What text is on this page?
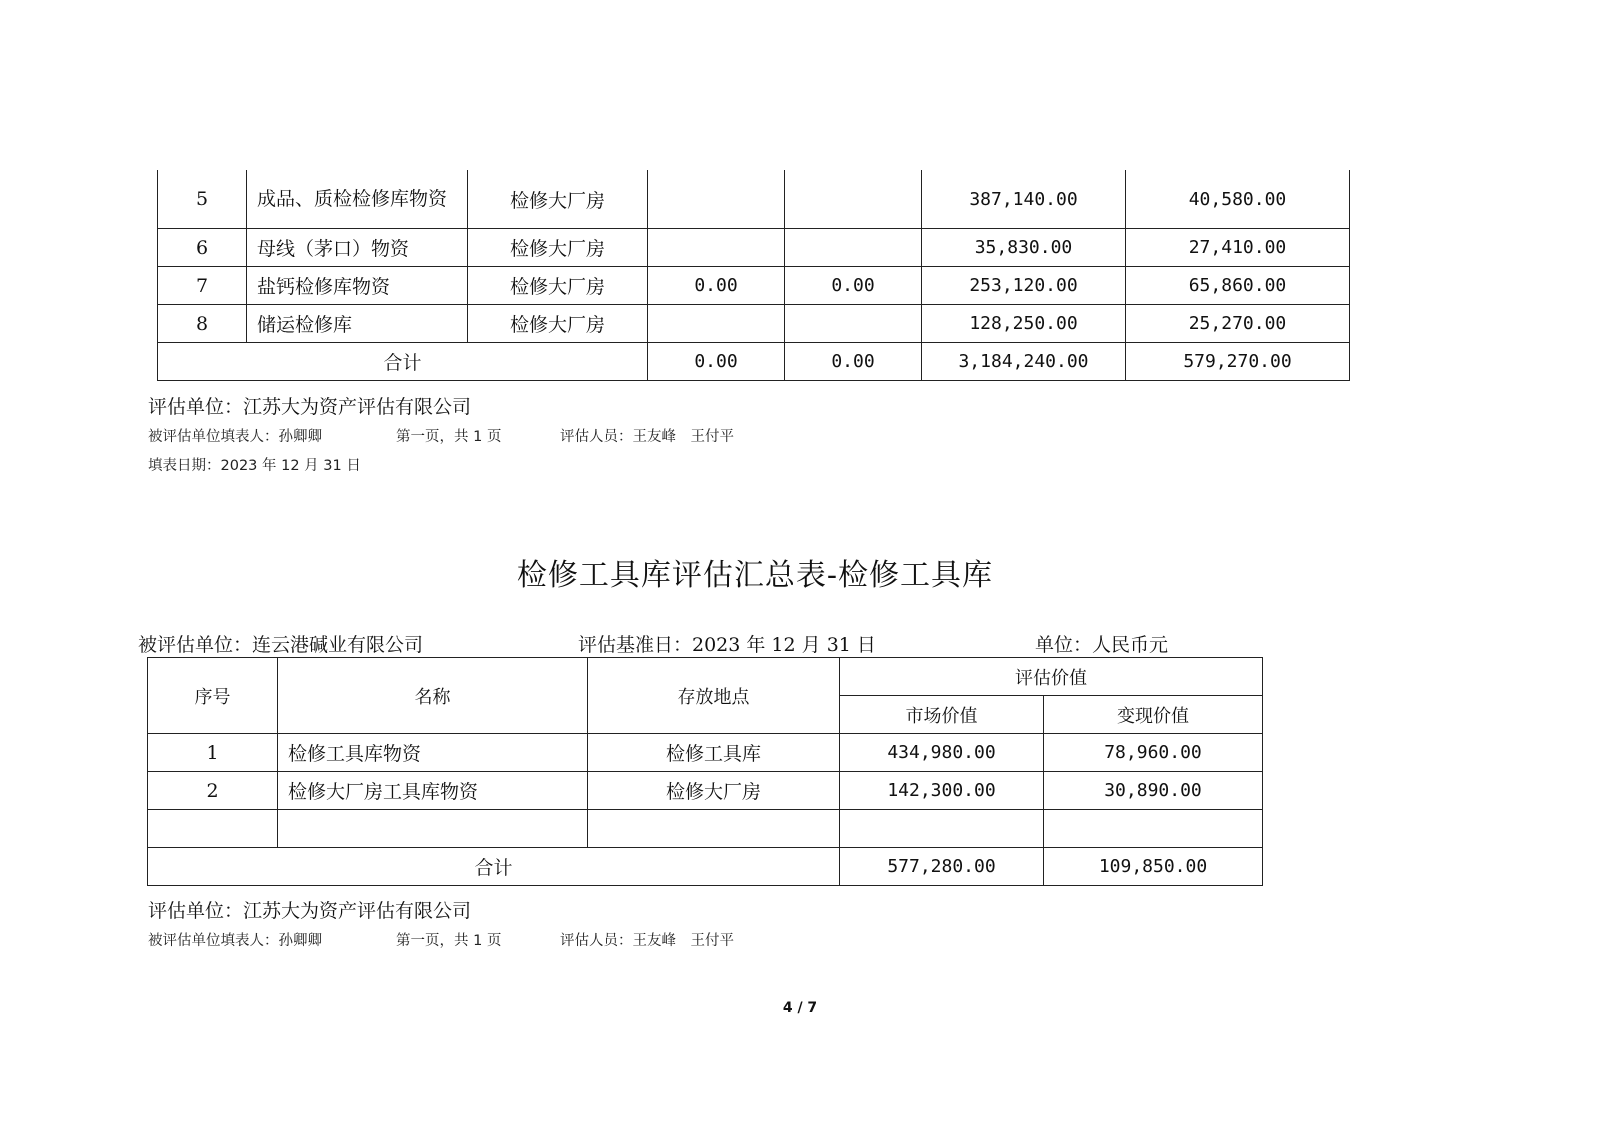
5	成品、质检检修库物资	检修大厂房			387,140.00	40,580.00
6	母线（茅口）物资	检修大厂房			35,830.00	27,410.00
7	盐钙检修库物资	检修大厂房	0.00	0.00	253,120.00	65,860.00
8	储运检修库	检修大厂房			128,250.00	25,270.00
合计			0.00	0.00	3,184,240.00	579,270.00
评估单位：江苏大为资产评估有限公司
被评估单位填表人：孙卿卿	第一页，共 1 页	评估人员：王友峰　王付平
填表日期：2023 年 12 月 31 日
检修工具库评估汇总表-检修工具库
被评估单位：连云港碱业有限公司	评估基准日：2023 年 12 月 31 日	单位：人民币元
序号	名称	存放地点	评估价值	
			市场价值	变现价值
1	检修工具库物资	检修工具库	434,980.00	78,960.00
2	检修大厂房工具库物资	检修大厂房	142,300.00	30,890.00

合计			577,280.00	109,850.00
评估单位：江苏大为资产评估有限公司
被评估单位填表人：孙卿卿	第一页，共 1 页	评估人员：王友峰　王付平
4 / 7
